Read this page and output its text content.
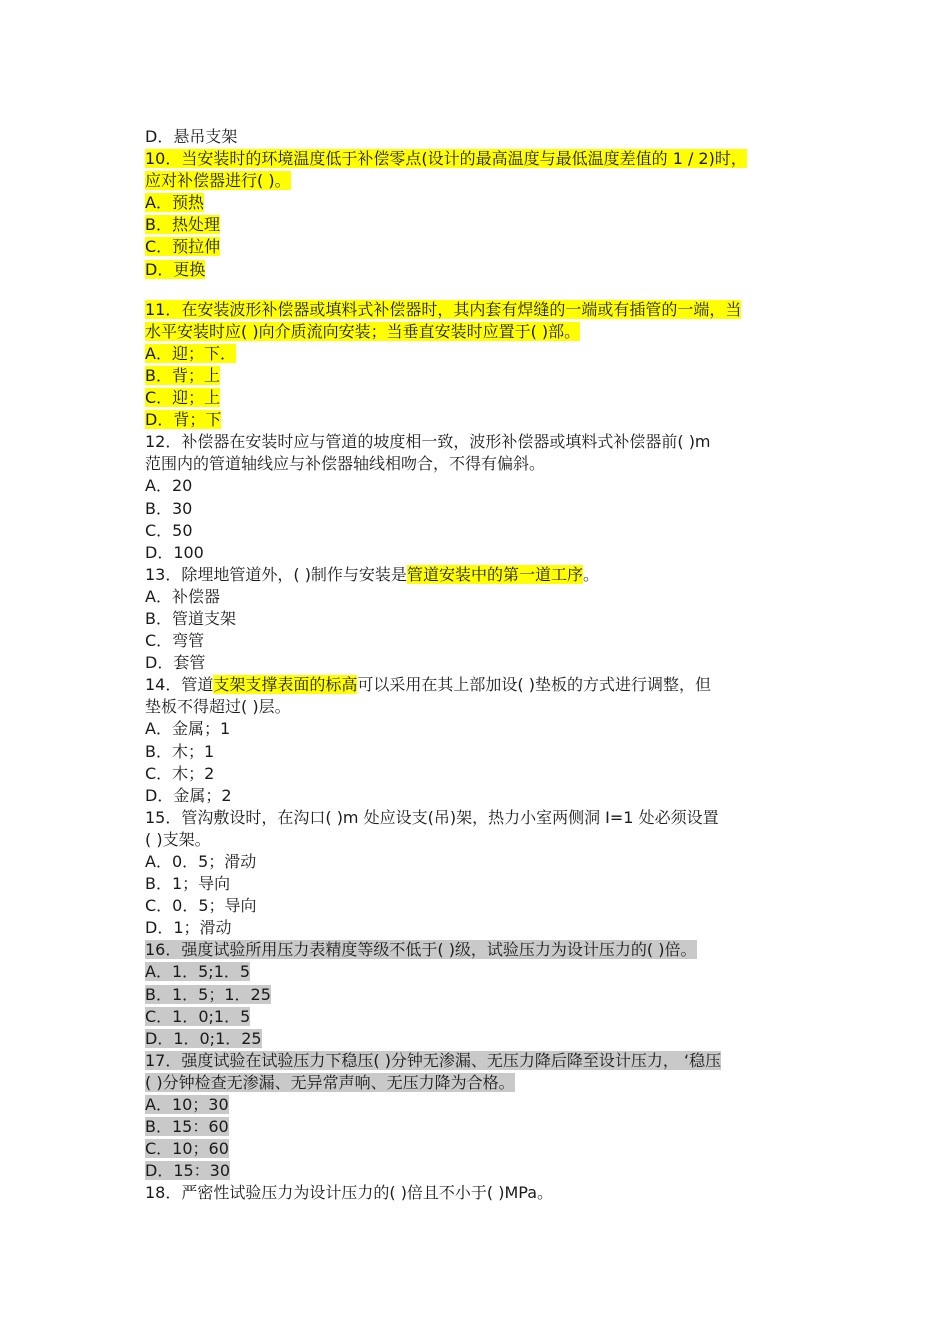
D．悬吊支架
10．当安装时的环境温度低于补偿零点(设计的最高温度与最低温度差值的 1 / 2)时，
应对补偿器进行( )。
A．预热
B．热处理
C．预拉伸
D．更换
11．在安装波形补偿器或填料式补偿器时，其内套有焊缝的一端或有插管的一端，当
水平安装时应( )向介质流向安装；当垂直安装时应置于( )部。
A．迎；下．
B．背；上
C．迎；上
D．背；下
12．补偿器在安装时应与管道的坡度相一致，波形补偿器或填料式补偿器前( )m
范围内的管道轴线应与补偿器轴线相吻合，不得有偏斜。
A．20
B．30
C．50
D．100
13．除埋地管道外，( )制作与安装是管道安装中的第一道工序。
A．补偿器
B．管道支架
C．弯管
D．套管
14．管道支架支撑表面的标高可以采用在其上部加设( )垫板的方式进行调整，但
垫板不得超过( )层。
A．金属；1
B．木；1
C．木；2
D．金属；2
15．管沟敷设时，在沟口( )m 处应设支(吊)架，热力小室两侧洞 I=1 处必须设置
( )支架。
A．0．5；滑动
B．1；导向
C．0．5；导向
D．1；滑动
16．强度试验所用压力表精度等级不低于( )级，试验压力为设计压力的( )倍。
A．1．5;1．5
B．1．5；1．25
C．1．0;1．5
D．1．0;1．25
17．强度试验在试验压力下稳压( )分钟无渗漏、无压力降后降至设计压力， ‘稳压
( )分钟检查无渗漏、无异常声响、无压力降为合格。
A．10；30
B．15：60
C．10；60
D．15：30
18．严密性试验压力为设计压力的( )倍且不小于( )MPa。
